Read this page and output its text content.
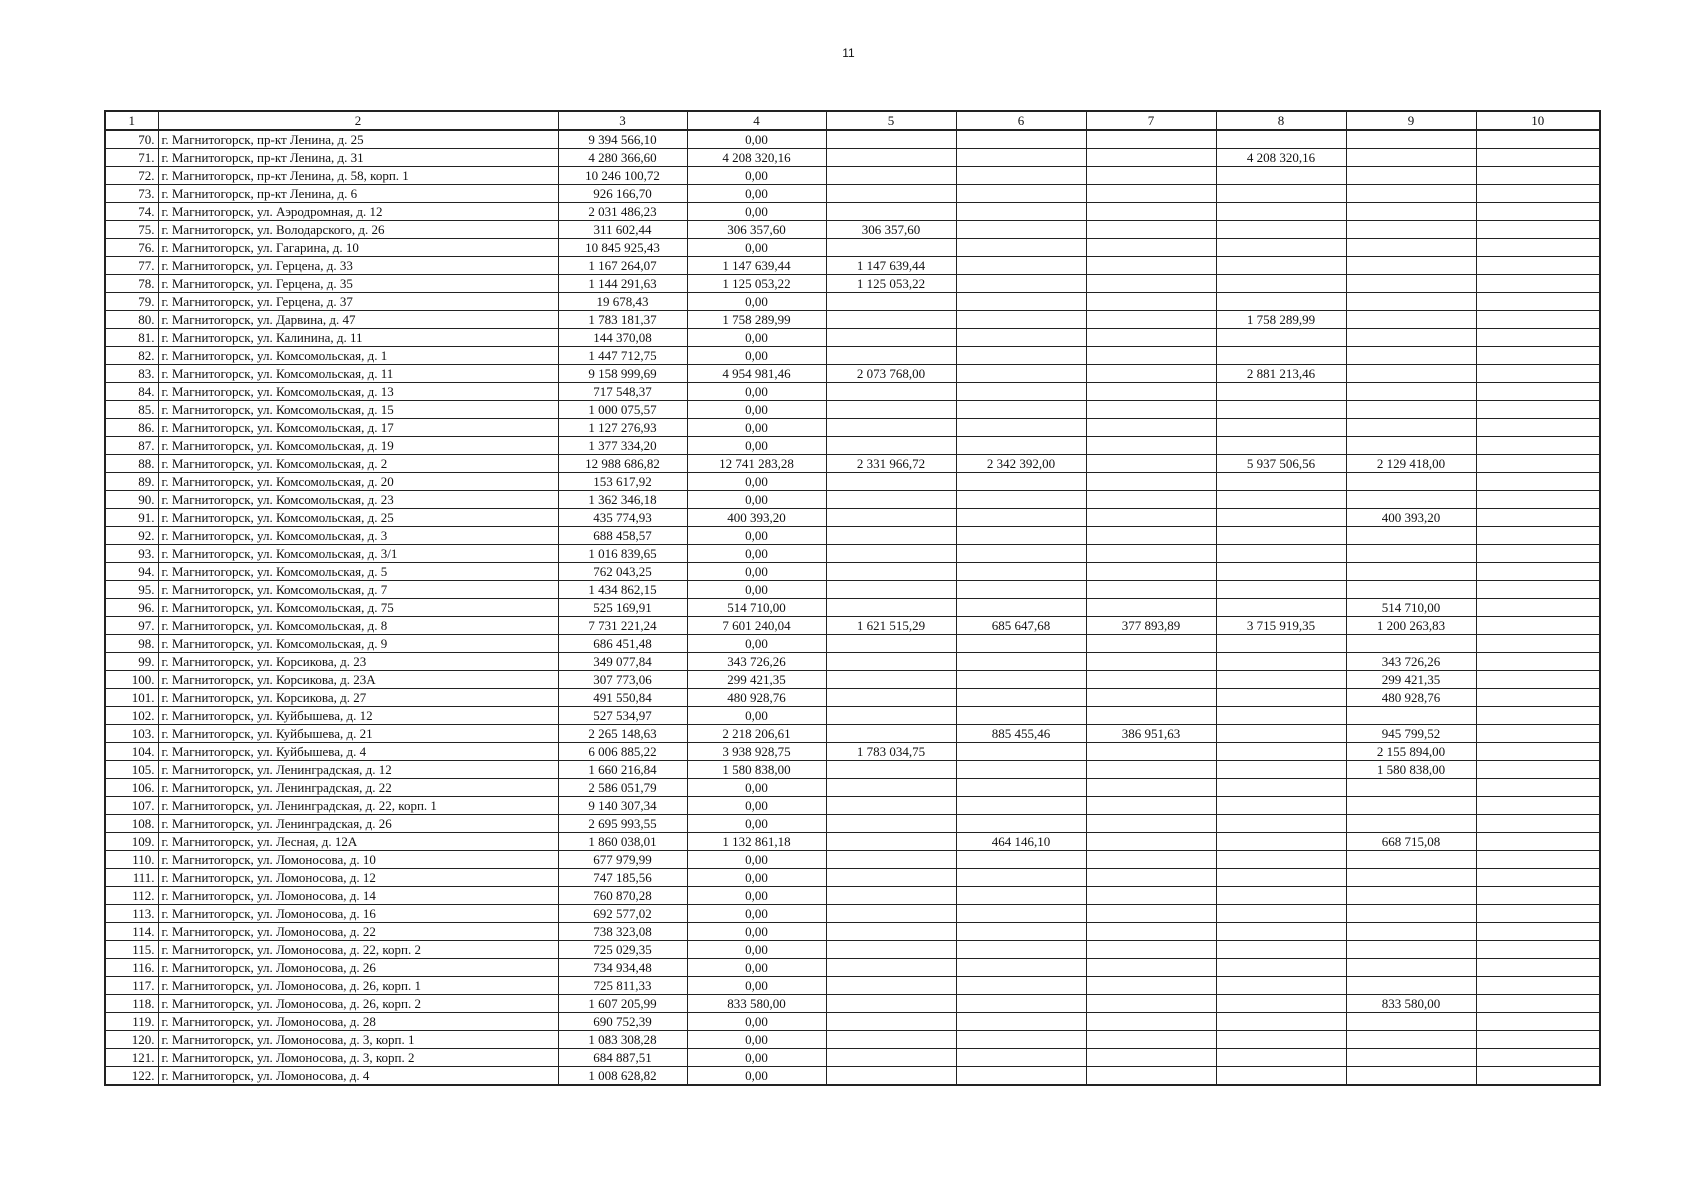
11
1	2	3	4	5	6	7	8	9	10
70.	г. Магнитогорск, пр-кт Ленина, д. 25	9 394 566,10	0,00						
71.	г. Магнитогорск, пр-кт Ленина, д. 31	4 280 366,60	4 208 320,16				4 208 320,16		
72.	г. Магнитогорск, пр-кт Ленина, д. 58, корп. 1	10 246 100,72	0,00						
73.	г. Магнитогорск, пр-кт Ленина, д. 6	926 166,70	0,00						
74.	г. Магнитогорск, ул. Аэродромная, д. 12	2 031 486,23	0,00						
75.	г. Магнитогорск, ул. Володарского, д. 26	311 602,44	306 357,60	306 357,60					
76.	г. Магнитогорск, ул. Гагарина, д. 10	10 845 925,43	0,00						
77.	г. Магнитогорск, ул. Герцена, д. 33	1 167 264,07	1 147 639,44	1 147 639,44					
78.	г. Магнитогорск, ул. Герцена, д. 35	1 144 291,63	1 125 053,22	1 125 053,22					
79.	г. Магнитогорск, ул. Герцена, д. 37	19 678,43	0,00						
80.	г. Магнитогорск, ул. Дарвина, д. 47	1 783 181,37	1 758 289,99				1 758 289,99		
81.	г. Магнитогорск, ул. Калинина, д. 11	144 370,08	0,00						
82.	г. Магнитогорск, ул. Комсомольская, д. 1	1 447 712,75	0,00						
83.	г. Магнитогорск, ул. Комсомольская, д. 11	9 158 999,69	4 954 981,46	2 073 768,00			2 881 213,46		
84.	г. Магнитогорск, ул. Комсомольская, д. 13	717 548,37	0,00						
85.	г. Магнитогорск, ул. Комсомольская, д. 15	1 000 075,57	0,00						
86.	г. Магнитогорск, ул. Комсомольская, д. 17	1 127 276,93	0,00						
87.	г. Магнитогорск, ул. Комсомольская, д. 19	1 377 334,20	0,00						
88.	г. Магнитогорск, ул. Комсомольская, д. 2	12 988 686,82	12 741 283,28	2 331 966,72	2 342 392,00		5 937 506,56	2 129 418,00	
89.	г. Магнитогорск, ул. Комсомольская, д. 20	153 617,92	0,00						
90.	г. Магнитогорск, ул. Комсомольская, д. 23	1 362 346,18	0,00						
91.	г. Магнитогорск, ул. Комсомольская, д. 25	435 774,93	400 393,20					400 393,20	
92.	г. Магнитогорск, ул. Комсомольская, д. 3	688 458,57	0,00						
93.	г. Магнитогорск, ул. Комсомольская, д. 3/1	1 016 839,65	0,00						
94.	г. Магнитогорск, ул. Комсомольская, д. 5	762 043,25	0,00						
95.	г. Магнитогорск, ул. Комсомольская, д. 7	1 434 862,15	0,00						
96.	г. Магнитогорск, ул. Комсомольская, д. 75	525 169,91	514 710,00					514 710,00	
97.	г. Магнитогорск, ул. Комсомольская, д. 8	7 731 221,24	7 601 240,04	1 621 515,29	685 647,68	377 893,89	3 715 919,35	1 200 263,83	
98.	г. Магнитогорск, ул. Комсомольская, д. 9	686 451,48	0,00						
99.	г. Магнитогорск, ул. Корсикова, д. 23	349 077,84	343 726,26					343 726,26	
100.	г. Магнитогорск, ул. Корсикова, д. 23А	307 773,06	299 421,35					299 421,35	
101.	г. Магнитогорск, ул. Корсикова, д. 27	491 550,84	480 928,76					480 928,76	
102.	г. Магнитогорск, ул. Куйбышева, д. 12	527 534,97	0,00						
103.	г. Магнитогорск, ул. Куйбышева, д. 21	2 265 148,63	2 218 206,61		885 455,46	386 951,63		945 799,52	
104.	г. Магнитогорск, ул. Куйбышева, д. 4	6 006 885,22	3 938 928,75	1 783 034,75				2 155 894,00	
105.	г. Магнитогорск, ул. Ленинградская, д. 12	1 660 216,84	1 580 838,00					1 580 838,00	
106.	г. Магнитогорск, ул. Ленинградская, д. 22	2 586 051,79	0,00						
107.	г. Магнитогорск, ул. Ленинградская, д. 22, корп. 1	9 140 307,34	0,00						
108.	г. Магнитогорск, ул. Ленинградская, д. 26	2 695 993,55	0,00						
109.	г. Магнитогорск, ул. Лесная, д. 12А	1 860 038,01	1 132 861,18		464 146,10			668 715,08	
110.	г. Магнитогорск, ул. Ломоносова, д. 10	677 979,99	0,00						
111.	г. Магнитогорск, ул. Ломоносова, д. 12	747 185,56	0,00						
112.	г. Магнитогорск, ул. Ломоносова, д. 14	760 870,28	0,00						
113.	г. Магнитогорск, ул. Ломоносова, д. 16	692 577,02	0,00						
114.	г. Магнитогорск, ул. Ломоносова, д. 22	738 323,08	0,00						
115.	г. Магнитогорск, ул. Ломоносова, д. 22, корп. 2	725 029,35	0,00						
116.	г. Магнитогорск, ул. Ломоносова, д. 26	734 934,48	0,00						
117.	г. Магнитогорск, ул. Ломоносова, д. 26, корп. 1	725 811,33	0,00						
118.	г. Магнитогорск, ул. Ломоносова, д. 26, корп. 2	1 607 205,99	833 580,00					833 580,00	
119.	г. Магнитогорск, ул. Ломоносова, д. 28	690 752,39	0,00						
120.	г. Магнитогорск, ул. Ломоносова, д. 3, корп. 1	1 083 308,28	0,00						
121.	г. Магнитогорск, ул. Ломоносова, д. 3, корп. 2	684 887,51	0,00						
122.	г. Магнитогорск, ул. Ломоносова, д. 4	1 008 628,82	0,00						
